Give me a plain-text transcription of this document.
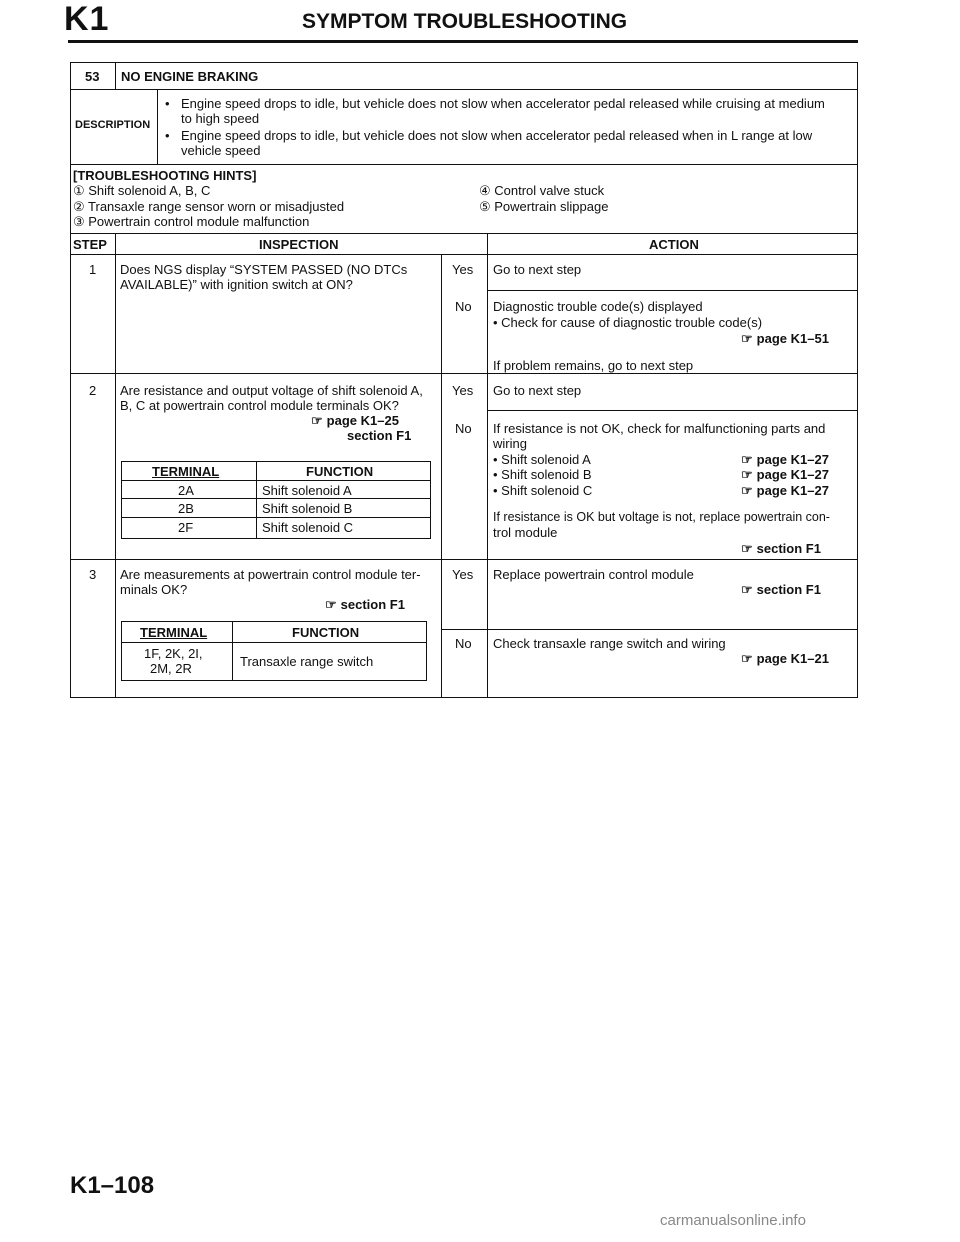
K1	SYMPTOM TROUBLESHOOTING
53 NO ENGINE BRAKING
DESCRIPTION
• Engine speed drops to idle, but vehicle does not slow when accelerator pedal released while cruising at medium
to high speed
• Engine speed drops to idle, but vehicle does not slow when accelerator pedal released when in L range at low
vehicle speed
[TROUBLESHOOTING HINTS]
① Shift solenoid A, B, C
② Transaxle range sensor worn or misadjusted
③ Powertrain control module malfunction
④ Control valve stuck
⑤ Powertrain slippage
STEP	INSPECTION	ACTION
1 Does NGS display “SYSTEM PASSED (NO DTCs
AVAILABLE)” with ignition switch at ON?
Yes Go to next step
No Diagnostic trouble code(s) displayed
• Check for cause of diagnostic trouble code(s)
☞ page K1–51
If problem remains, go to next step
2 Are resistance and output voltage of shift solenoid A,
B, C at powertrain control module terminals OK?
☞ page K1–25
section F1
TERMINAL	FUNCTION
2A	Shift solenoid A
2B	Shift solenoid B
2F	Shift solenoid C
Yes Go to next step
No If resistance is not OK, check for malfunctioning parts and
wiring
• Shift solenoid A	☞ page K1–27
• Shift solenoid B	☞ page K1–27
• Shift solenoid C	☞ page K1–27
If resistance is OK but voltage is not, replace powertrain con-
trol module
☞ section F1
3 Are measurements at powertrain control module ter-
minals OK?
☞ section F1
TERMINAL	FUNCTION
1F, 2K, 2I,
2M, 2R	Transaxle range switch
Yes Replace powertrain control module
☞ section F1
No Check transaxle range switch and wiring
☞ page K1–21
K1–108
carmanualsonline.info
